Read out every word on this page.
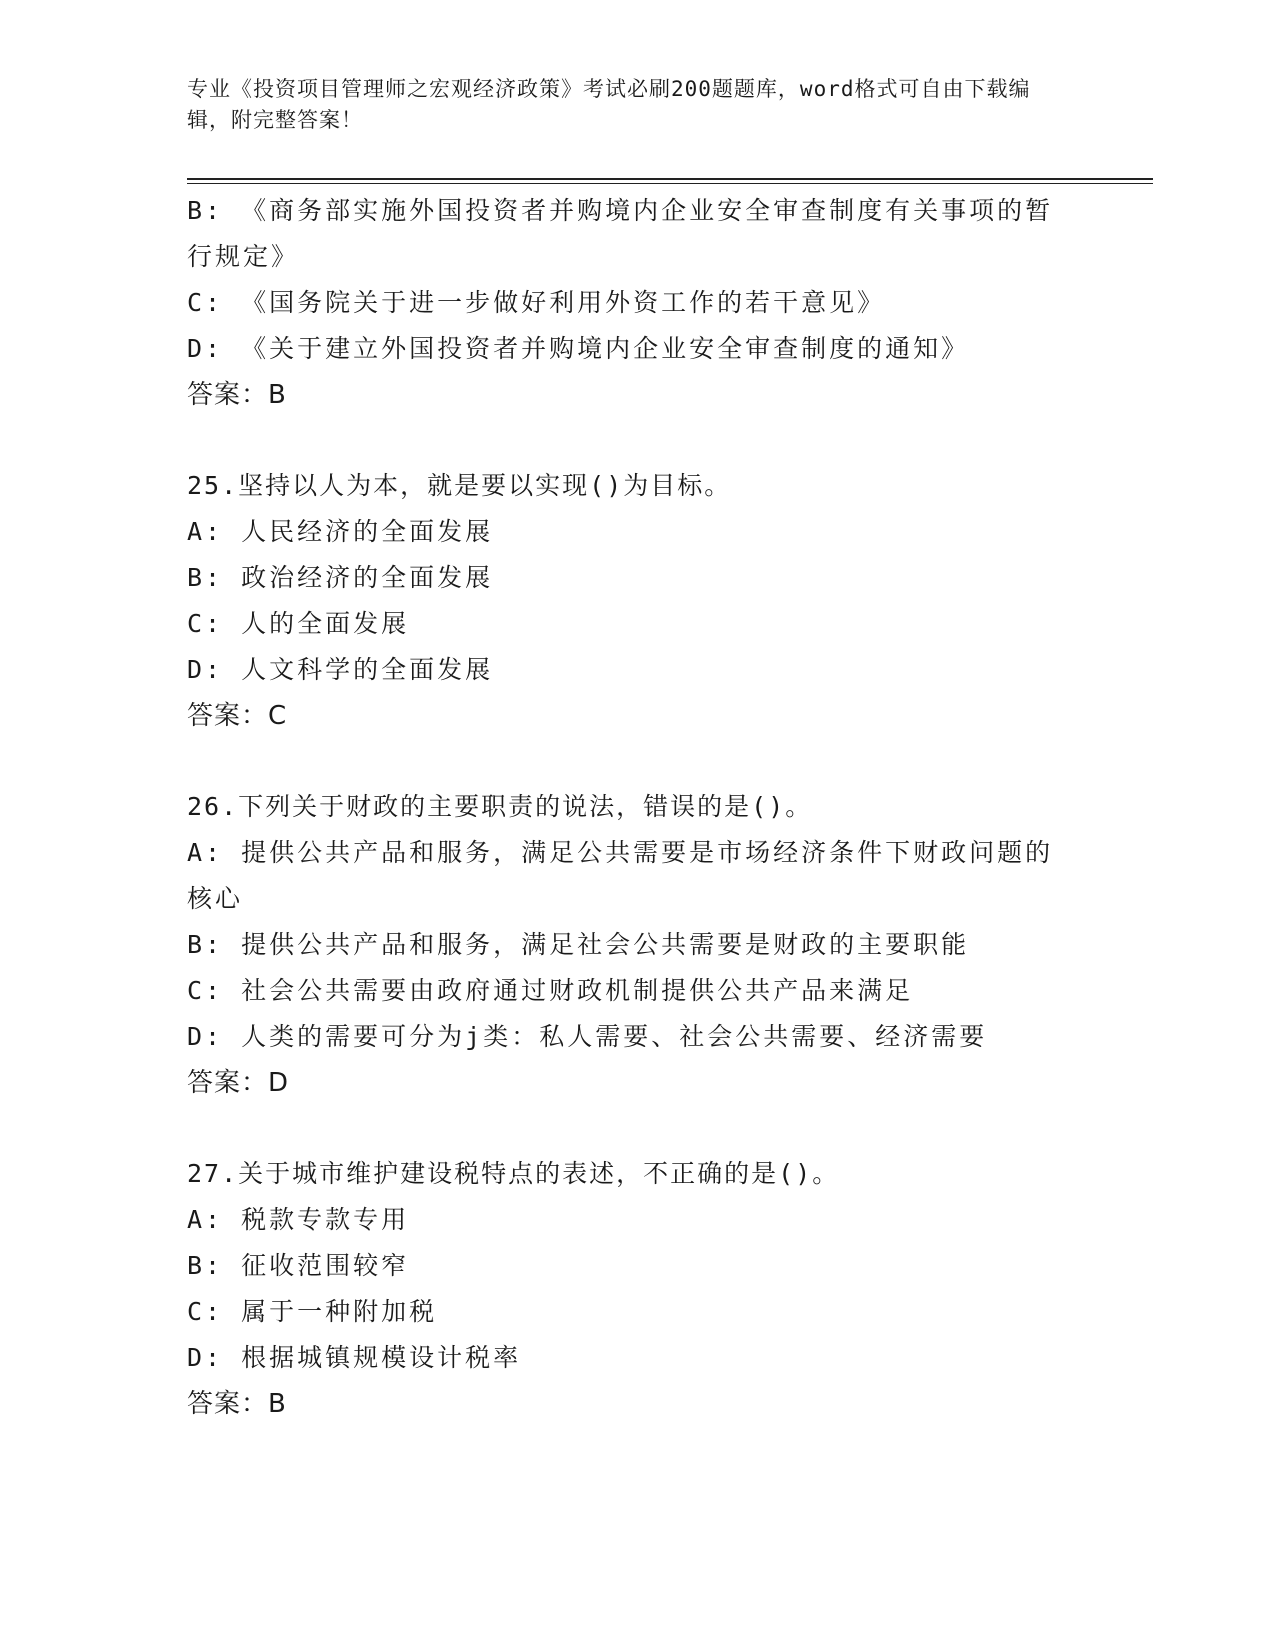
专业《投资项目管理师之宏观经济政策》考试必刷200题题库，word格式可自由下载编辑，附完整答案！
B: 《商务部实施外国投资者并购境内企业安全审查制度有关事项的暂行规定》
C: 《国务院关于进一步做好利用外资工作的若干意见》
D: 《关于建立外国投资者并购境内企业安全审查制度的通知》
答案：B
25.坚持以人为本，就是要以实现()为目标。
A: 人民经济的全面发展
B: 政治经济的全面发展
C: 人的全面发展
D: 人文科学的全面发展
答案：C
26.下列关于财政的主要职责的说法，错误的是()。
A: 提供公共产品和服务，满足公共需要是市场经济条件下财政问题的核心
B: 提供公共产品和服务，满足社会公共需要是财政的主要职能
C: 社会公共需要由政府通过财政机制提供公共产品来满足
D: 人类的需要可分为j类：私人需要、社会公共需要、经济需要
答案：D
27.关于城市维护建设税特点的表述，不正确的是()。
A: 税款专款专用
B: 征收范围较窄
C: 属于一种附加税
D: 根据城镇规模设计税率
答案：B
